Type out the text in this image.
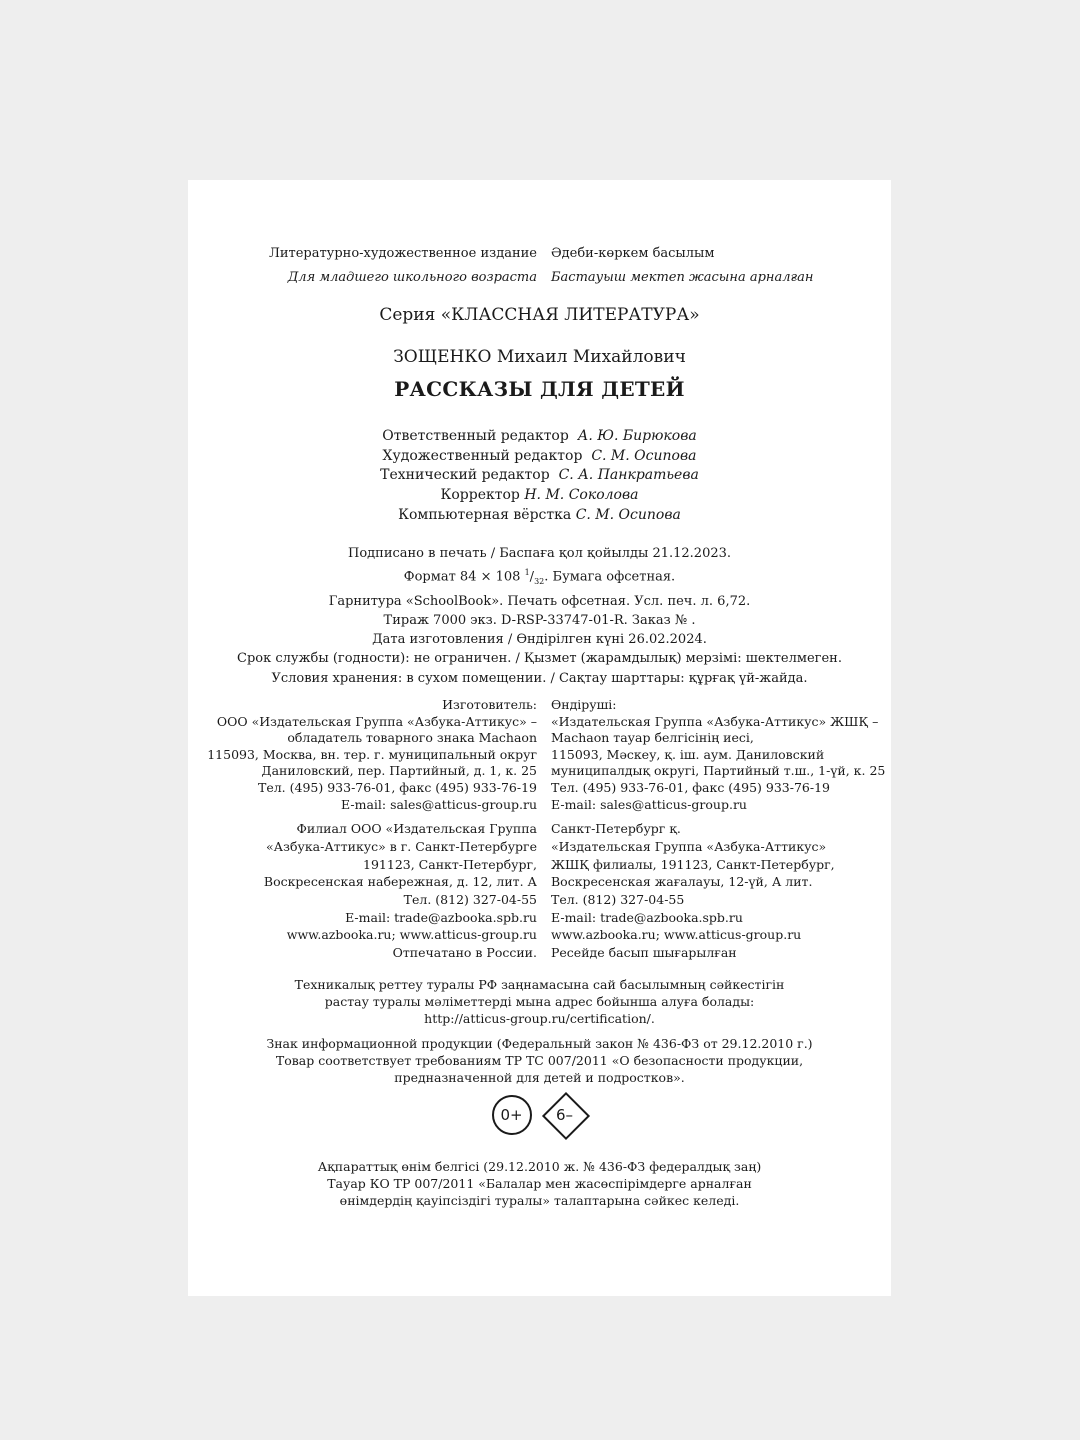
Литературно-художественное издание Әдеби-көркем басылым
Для младшего школьного возраста Бастауыш мектеп жасына арналған
Серия «КЛАССНАЯ ЛИТЕРАТУРА»
ЗОЩЕНКО Михаил Михайлович
РАССКАЗЫ ДЛЯ ДЕТЕЙ
Ответственный редактор А. Ю. Бирюкова
Художественный редактор С. М. Осипова
Технический редактор С. А. Панкратьева
Корректор Н. М. Соколова
Компьютерная вёрстка С. М. Осипова
Подписано в печать / Баспаға қол қойылды 21.12.2023.
Формат 84 × 108 $^1/_{32}$. Бумага офсетная.
Гарнитура «SchoolBook». Печать офсетная. Усл. печ. л. 6,72.
Тираж 7000 экз. D-RSP-33747-01-R. Заказ № .
Дата изготовления / Өндірілген күні 26.02.2024.
Срок службы (годности): не ограничен. / Қызмет (жарамдылық) мерзімі: шектелмеген.
Условия хранения: в сухом помещении. / Сақтау шарттары: құрғақ үй-жайда.
Изготовитель:
ООО «Издательская Группа «Азбука-Аттикус» –
обладатель товарного знака Machaon
115093, Москва, вн. тер. г. муниципальный округ
Даниловский, пер. Партийный, д. 1, к. 25
Тел. (495) 933-76-01, факс (495) 933-76-19
E-mail: sales@atticus-group.ru
Өндіруші:
«Издательская Группа «Азбука-Аттикус» ЖШҚ –
Machaon тауар белгісінің иесі,
115093, Мәскеу, қ. іш. аум. Даниловский
муниципалдық округі, Партийный т.ш., 1-үй, к. 25
Тел. (495) 933-76-01, факс (495) 933-76-19
E-mail: sales@atticus-group.ru
Филиал ООО «Издательская Группа
«Азбука-Аттикус» в г. Санкт-Петербурге
191123, Санкт-Петербург,
Воскресенская набережная, д. 12, лит. А
Тел. (812) 327-04-55
E-mail: trade@azbooka.spb.ru
Санкт-Петербург қ.
«Издательская Группа «Азбука-Аттикус»
ЖШҚ филиалы, 191123, Санкт-Петербург,
Воскресенская жағалауы, 12-үй, А лит.
Тел. (812) 327-04-55
E-mail: trade@azbooka.spb.ru
www.azbooka.ru; www.atticus-group.ru
Отпечатано в России.
www.azbooka.ru; www.atticus-group.ru
Ресейде басып шығарылған
Техникалық реттеу туралы РФ заңнамасына сай басылымның сәйкестігін
растау туралы мәліметтерді мына адрес бойынша алуға болады:
http://atticus-group.ru/certification/.
Знак информационной продукции (Федеральный закон № 436-ФЗ от 29.12.2010 г.)
Товар соответствует требованиям ТР ТС 007/2011 «О безопасности продукции,
предназначенной для детей и подростков».
0+	6–
Ақпараттық өнім белгісі (29.12.2010 ж. № 436-ФЗ федералдық заң)
Тауар КО ТР 007/2011 «Балалар мен жасөспірімдерге арналған
өнімдердің қауіпсіздігі туралы» талаптарына сәйкес келеді.
